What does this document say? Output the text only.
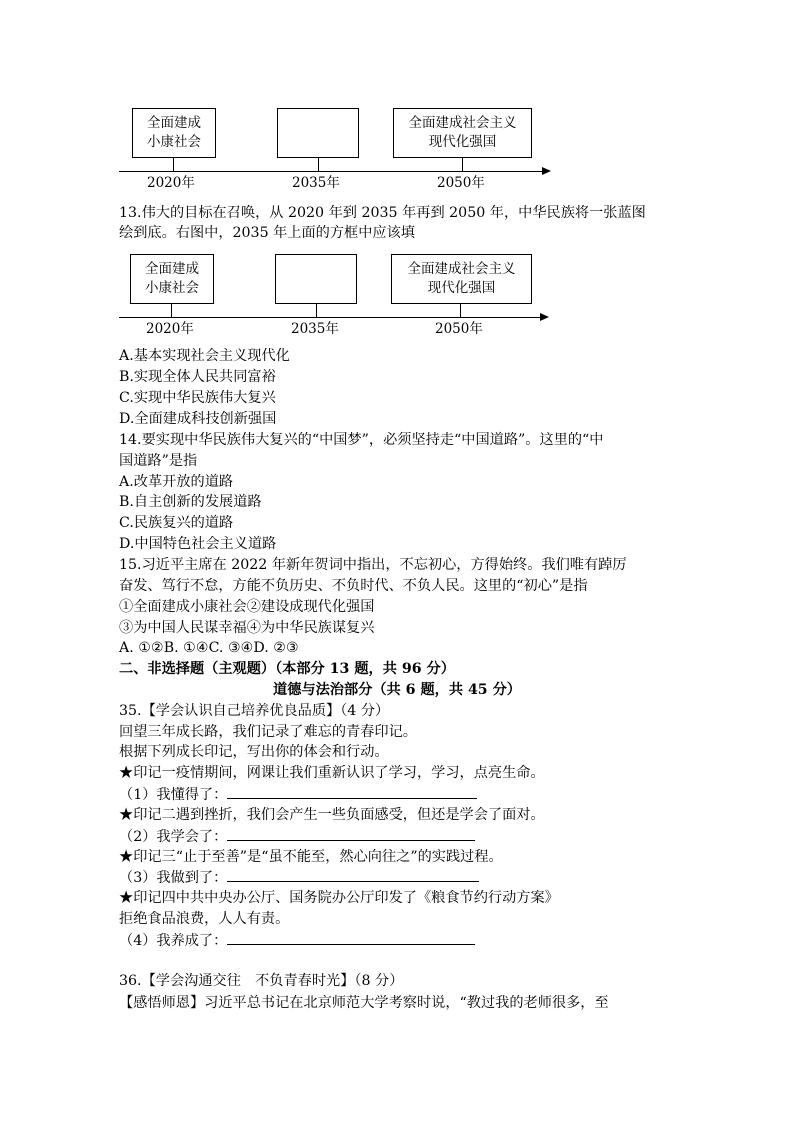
全面建成
小康社会
全面建成社会主义
现代化强国
2020年	2035年	2050年
13.伟大的目标在召唤，从 2020 年到 2035 年再到 2050 年，中华民族将一张蓝图
绘到底。右图中，2035 年上面的方框中应该填
全面建成
小康社会
全面建成社会主义
现代化强国
2020年	2035年	2050年
A.基本实现社会主义现代化
B.实现全体人民共同富裕
C.实现中华民族伟大复兴
D.全面建成科技创新强国
14.要实现中华民族伟大复兴的“中国梦”，必须坚持走“中国道路”。这里的“中
国道路”是指
A.改革开放的道路
B.自主创新的发展道路
C.民族复兴的道路
D.中国特色社会主义道路
15.习近平主席在 2022 年新年贺词中指出，不忘初心，方得始终。我们唯有踔厉
奋发、笃行不怠，方能不负历史、不负时代、不负人民。这里的“初心”是指
①全面建成小康社会②建设成现代化强国
③为中国人民谋幸福④为中华民族谋复兴
A. ①②B. ①④C. ③④D. ②③
二、非选择题（主观题）（本部分 13 题，共 96 分）
道德与法治部分（共 6 题，共 45 分）
35.【学会认识自己培养优良品质】（4 分）
回望三年成长路，我们记录了难忘的青春印记。
根据下列成长印记，写出你的体会和行动。
★印记一疫情期间，网课让我们重新认识了学习，学习，点亮生命。
（1）我懂得了：
★印记二遇到挫折，我们会产生一些负面感受，但还是学会了面对。
（2）我学会了：
★印记三“止于至善”是“虽不能至，然心向往之”的实践过程。
（3）我做到了：
★印记四中共中央办公厅、国务院办公厅印发了《粮食节约行动方案》
拒绝食品浪费，人人有责。
（4）我养成了：
36.【学会沟通交往　不负青春时光】（8 分）
【感悟师恩】习近平总书记在北京师范大学考察时说，“教过我的老师很多，至
